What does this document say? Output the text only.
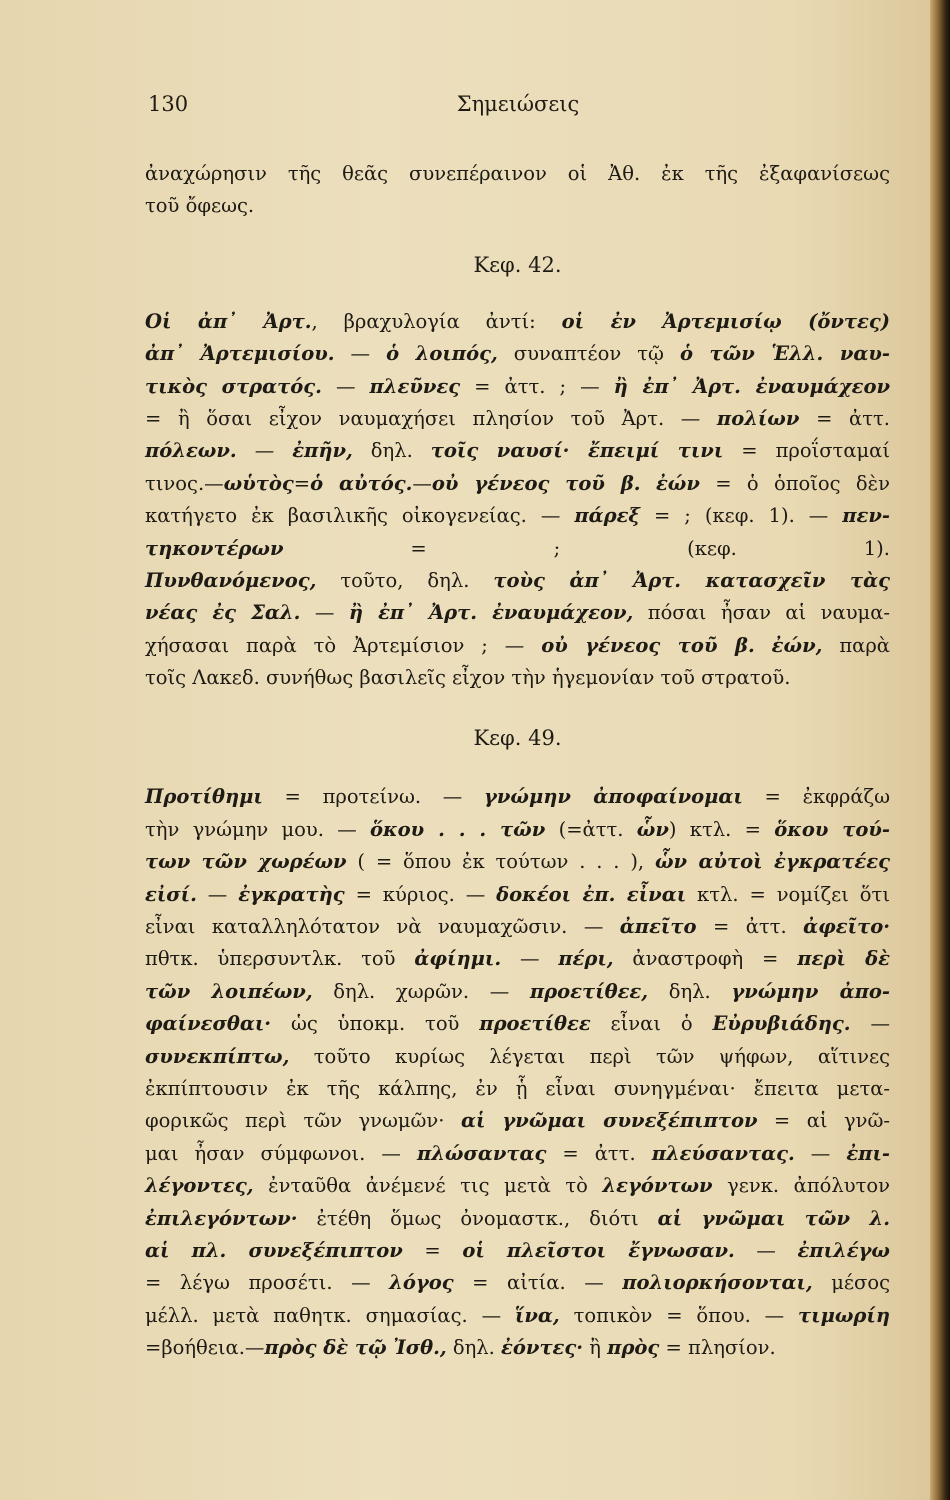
130	Σημειώσεις
ἀναχώρησιν τῆς θεᾶς συνεπέραινον οἱ Ἀθ. ἐκ τῆς ἐξαφανίσεως
τοῦ ὄφεως.
Κεφ. 42.
Οἱ ἀπ᾽ Ἀρτ., βραχυλογία ἀντί: οἱ ἐν Ἀρτεμισίῳ (ὄντες)
ἀπ᾽ Ἀρτεμισίου. — ὁ λοιπός, συναπτέον τῷ ὁ τῶν Ἑλλ. ναυ-
τικὸς στρατός. — πλεῦνες = ἀττ. ; — ἢ ἐπ᾽ Ἀρτ. ἐναυμάχεον
= ἢ ὅσαι εἶχον ναυμαχήσει πλησίον τοῦ Ἀρτ. — πολίων = ἀττ.
πόλεων. — ἐπῆν, δηλ. τοῖς ναυσί· ἔπειμί τινι = προΐσταμαί
τινος.—ωὑτὸς=ὁ αὐτός.—οὐ γένεος τοῦ β. ἐών = ὁ ὁποῖος δὲν
κατήγετο ἐκ βασιλικῆς οἰκογενείας. — πάρεξ = ; (κεφ. 1). — πεν-
τηκοντέρων = ; (κεφ. 1).
Πυνθανόμενος, τοῦτο, δηλ. τοὺς ἀπ᾽ Ἀρτ. κατασχεῖν τὰς
νέας ἐς Σαλ. — ἢ ἐπ᾽ Ἀρτ. ἐναυμάχεον, πόσαι ἦσαν αἱ ναυμα-
χήσασαι παρὰ τὸ Ἀρτεμίσιον ; — οὐ γένεος τοῦ β. ἐών, παρὰ
τοῖς Λακεδ. συνήθως βασιλεῖς εἶχον τὴν ἡγεμονίαν τοῦ στρατοῦ.
Κεφ. 49.
Προτίθημι = προτείνω. — γνώμην ἀποφαίνομαι = ἐκφράζω
τὴν γνώμην μου. — ὅκου . . . τῶν (=ἀττ. ὧν) κτλ. = ὅκου τού-
των τῶν χωρέων ( = ὅπου ἐκ τούτων . . . ), ὧν αὐτοὶ ἐγκρατέες
εἰσί. — ἐγκρατὴς = κύριος. — δοκέοι ἐπ. εἶναι κτλ. = νομίζει ὅτι
εἶναι καταλληλότατον νὰ ναυμαχῶσιν. — ἀπεῖτο = ἀττ. ἀφεῖτο·
πθτκ. ὑπερσυντλκ. τοῦ ἀφίημι. — πέρι, ἀναστροφὴ = περὶ δὲ
τῶν λοιπέων, δηλ. χωρῶν. — προετίθεε, δηλ. γνώμην ἀπο-
φαίνεσθαι· ὡς ὑποκμ. τοῦ προετίθεε εἶναι ὁ Εὐρυβιάδης. —
συνεκπίπτω, τοῦτο κυρίως λέγεται περὶ τῶν ψήφων, αἵτινες
ἐκπίπτουσιν ἐκ τῆς κάλπης, ἐν ᾗ εἶναι συνηγμέναι· ἔπειτα μετα-
φορικῶς περὶ τῶν γνωμῶν· αἱ γνῶμαι συνεξέπιπτον = αἱ γνῶ-
μαι ἦσαν σύμφωνοι. — πλώσαντας = ἀττ. πλεύσαντας. — ἐπι-
λέγοντες, ἐνταῦθα ἀνέμενέ τις μετὰ τὸ λεγόντων γενκ. ἀπόλυτον
ἐπιλεγόντων· ἐτέθη ὅμως ὀνομαστκ., διότι αἱ γνῶμαι τῶν λ.
αἱ πλ. συνεξέπιπτον = οἱ πλεῖστοι ἔγνωσαν. — ἐπιλέγω
= λέγω προσέτι. — λόγος = αἰτία. — πολιορκήσονται, μέσος
μέλλ. μετὰ παθητκ. σημασίας. — ἵνα, τοπικὸν = ὅπου. — τιμωρίη
=βοήθεια.—πρὸς δὲ τῷ Ἰσθ., δηλ. ἐόντες· ἢ πρὸς = πλησίον.
